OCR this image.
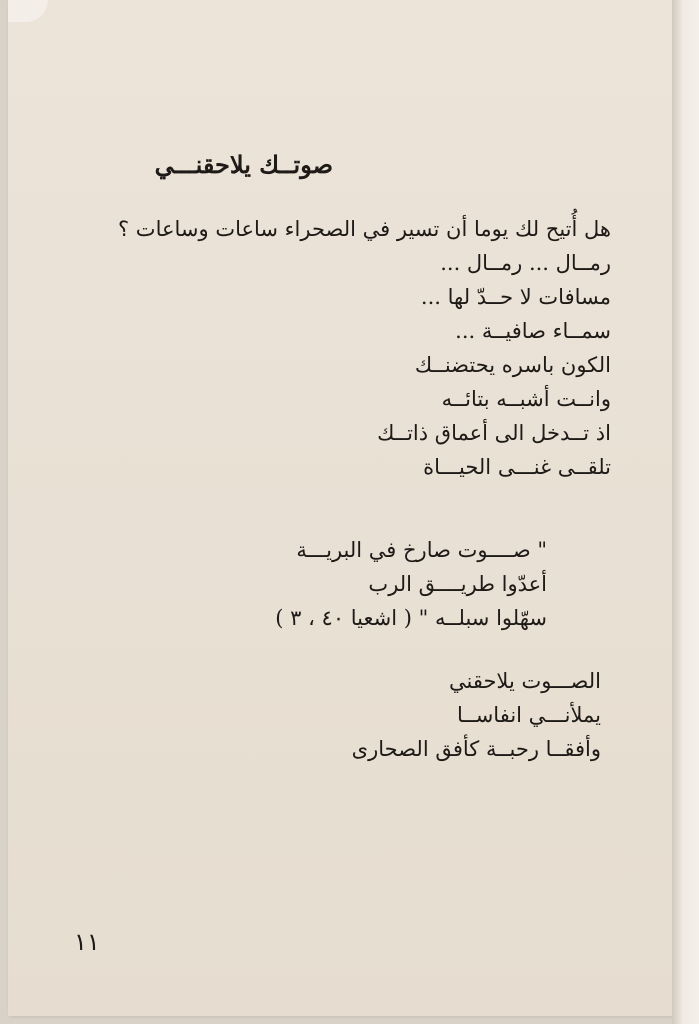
صوتــك يلاحقنـــي
هل أُتيح لك يوما أن تسير في الصحراء ساعات وساعات ؟
رمــال ... رمــال ...
مسافات لا حــدّ لها ...
سمــاء صافيــة ...
الكون باسره يحتضنــك
وانــت أشبــه بتائــه
اذ تــدخل الى أعماق ذاتــك
تلقــى غنـــى الحيـــاة
" صــــوت صارخ في البريـــة
أعدّوا طريــــق الرب
سهّلوا سبلــه " ( اشعيا ٤٠ ، ٣ )
الصـــوت يلاحقني
يملأنـــي انفاســا
وأفقــا رحبــة كأفق الصحارى
١١
